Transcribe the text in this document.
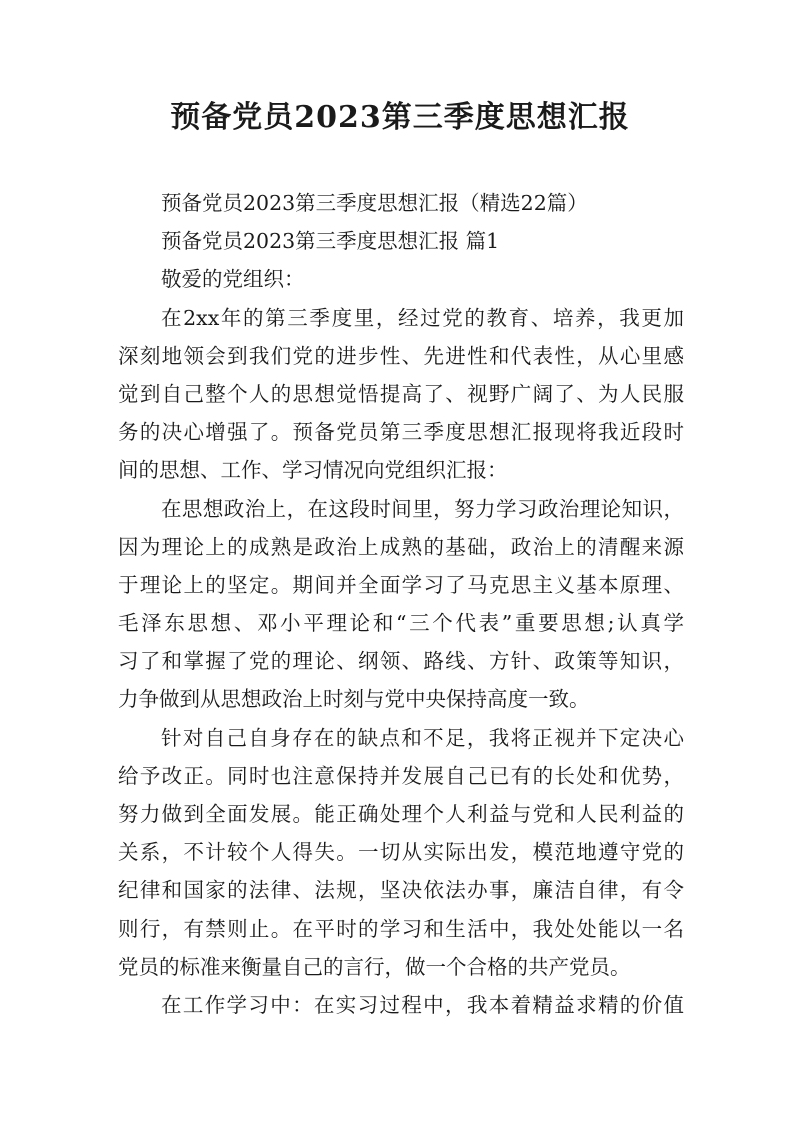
预备党员2023第三季度思想汇报

预备党员2023第三季度思想汇报（精选22篇）

预备党员2023第三季度思想汇报 篇1

敬爱的党组织：

在2xx年的第三季度里，经过党的教育、培养，我更加

深刻地领会到我们党的进步性、先进性和代表性，从心里感

觉到自己整个人的思想觉悟提高了、视野广阔了、为人民服

务的决心增强了。预备党员第三季度思想汇报现将我近段时

间的思想、工作、学习情况向党组织汇报：

在思想政治上，在这段时间里，努力学习政治理论知识，

因为理论上的成熟是政治上成熟的基础，政治上的清醒来源

于理论上的坚定。期间并全面学习了马克思主义基本原理、

毛泽东思想、邓小平理论和“三个代表”重要思想;认真学

习了和掌握了党的理论、纲领、路线、方针、政策等知识，

力争做到从思想政治上时刻与党中央保持高度一致。

针对自己自身存在的缺点和不足，我将正视并下定决心

给予改正。同时也注意保持并发展自己已有的长处和优势，

努力做到全面发展。能正确处理个人利益与党和人民利益的

关系，不计较个人得失。一切从实际出发，模范地遵守党的

纪律和国家的法律、法规，坚决依法办事，廉洁自律，有令

则行，有禁则止。在平时的学习和生活中，我处处能以一名

党员的标准来衡量自己的言行，做一个合格的共产党员。

在工作学习中：在实习过程中，我本着精益求精的价值
